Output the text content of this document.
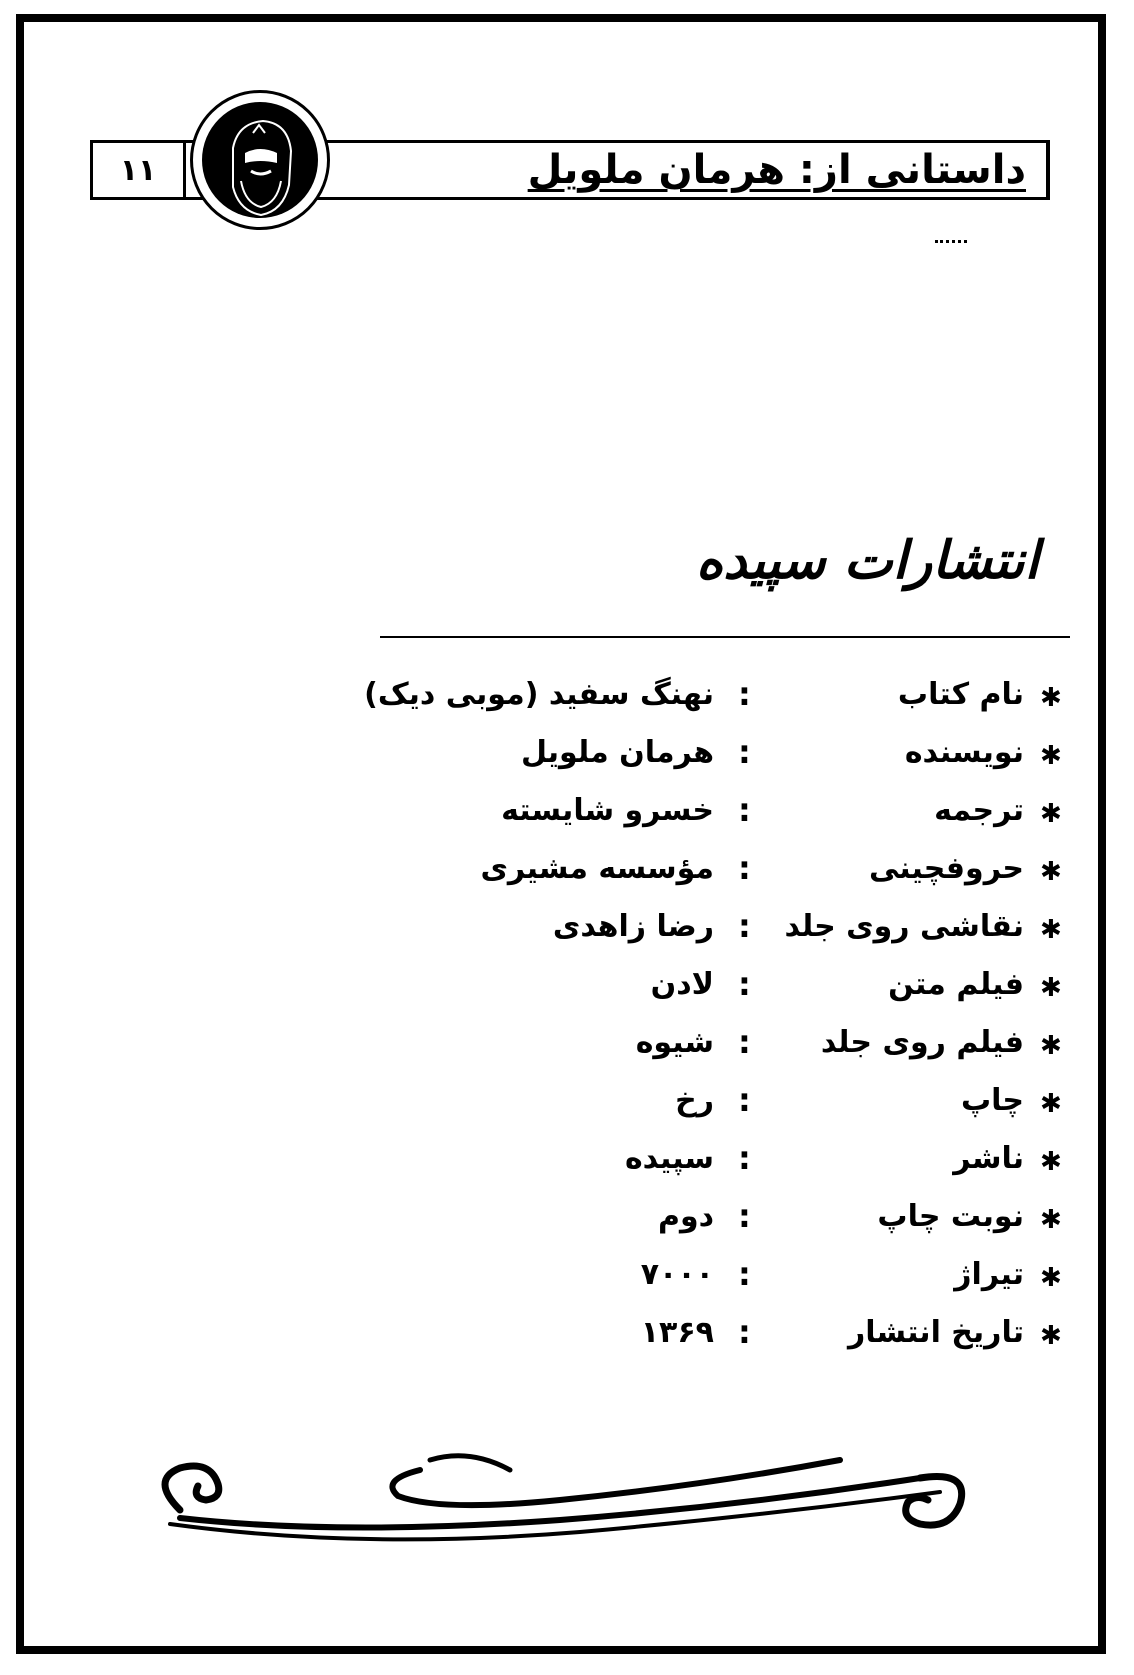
۱۱	داستانی از: هرمان ملویل
انتشارات سپیده
✱
نام کتاب
:
نهنگ سفید (موبی دیک)
✱
نویسنده
:
هرمان ملویل
✱
ترجمه
:
خسرو شایسته
✱
حروفچینی
:
مؤسسه مشیری
✱
نقاشی روی جلد
:
رضا زاهدی
✱
فیلم متن
:
لادن
✱
فیلم روی جلد
:
شیوه
✱
چاپ
:
رخ
✱
ناشر
:
سپیده
✱
نوبت چاپ
:
دوم
✱
تیراژ
:
۷۰۰۰
✱
تاریخ انتشار
:
۱۳۶۹
